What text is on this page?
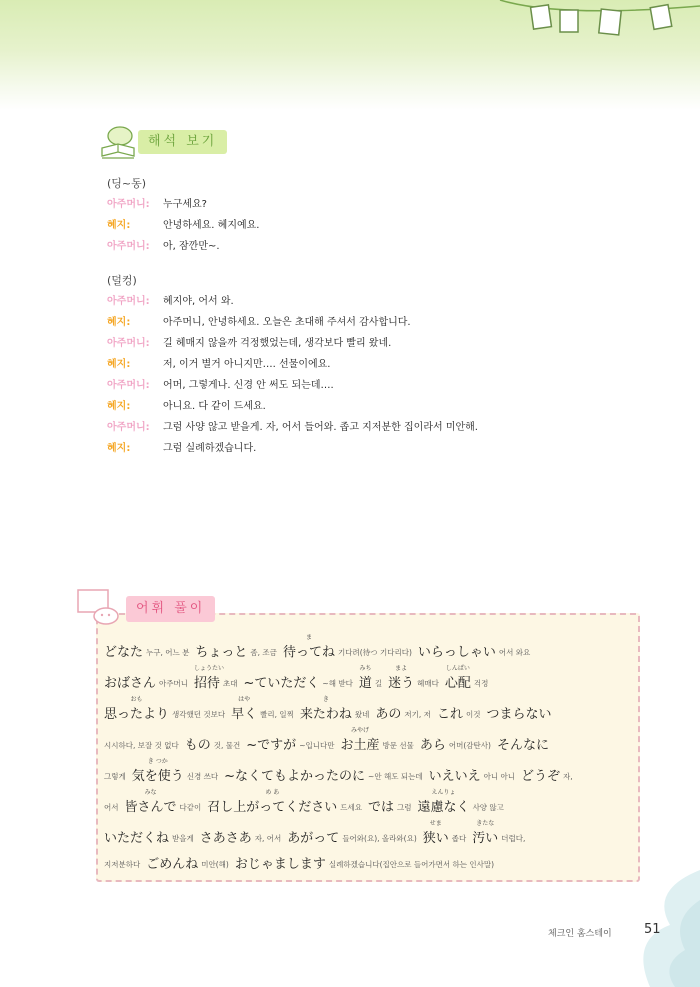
해석 보기
(딩~동)
아주머니:	누구세요?
혜지:	안녕하세요. 혜지예요.
아주머니:	아, 잠깐만~.
(덜컹)
아주머니:	혜지야, 어서 와.
혜지:	아주머니, 안녕하세요. 오늘은 초대해 주셔서 감사합니다.
아주머니:	길 헤매지 않을까 걱정했었는데, 생각보다 빨리 왔네.
혜지:	저, 이거 별거 아니지만…. 선물이에요.
아주머니:	어머, 그렇게나. 신경 안 써도 되는데….
혜지:	아니요. 다 같이 드세요.
아주머니:	그럼 사양 않고 받을게. 자, 어서 들어와. 좁고 지저분한 집이라서 미안해.
혜지:	그럼 실례하겠습니다.
어휘 풀이
どなた 누구, 어느 분 ちょっと 좀, 조금
ま
待ってね 기다려(待つ 기다리다) いらっしゃい 어서 와요
おばさん 아주머니
しょうたい
招待 초대 ~ていただく ~해 받다
みち
道 길
まよ
迷う 헤매다
しんぱい
心配 걱정
おも
思ったより 생각했던 것보다
はや
早く 빨리, 일찍
き
来たわね 왔네 あの 저기, 저 これ 이것 つまらない
시시하다, 보잘 것 없다 もの 것, 물건 ~ですが ~입니다만
みやげ
お土産 방문 선물 あら 어머(감탄사) そんなに
그렇게
き つか
気を使う 신경 쓰다 ~なくてもよかったのに ~안 해도 되는데 いえいえ 아니 아니 どうぞ 자,
어서
みな
皆さんで 다같이
め あ
召し上がってください 드세요 では 그럼
えんりょ
遠慮なく 사양 않고
いただくね 받을게 さあさあ 자, 어서 あがって 들어와(요), 올라와(요)
せま
狭い 좁다
きたな
汚い 더럽다,
지저분하다 ごめんね 미안(해) おじゃまします 실례하겠습니다(집안으로 들어가면서 하는 인사말)
체크인 홈스테이 51
